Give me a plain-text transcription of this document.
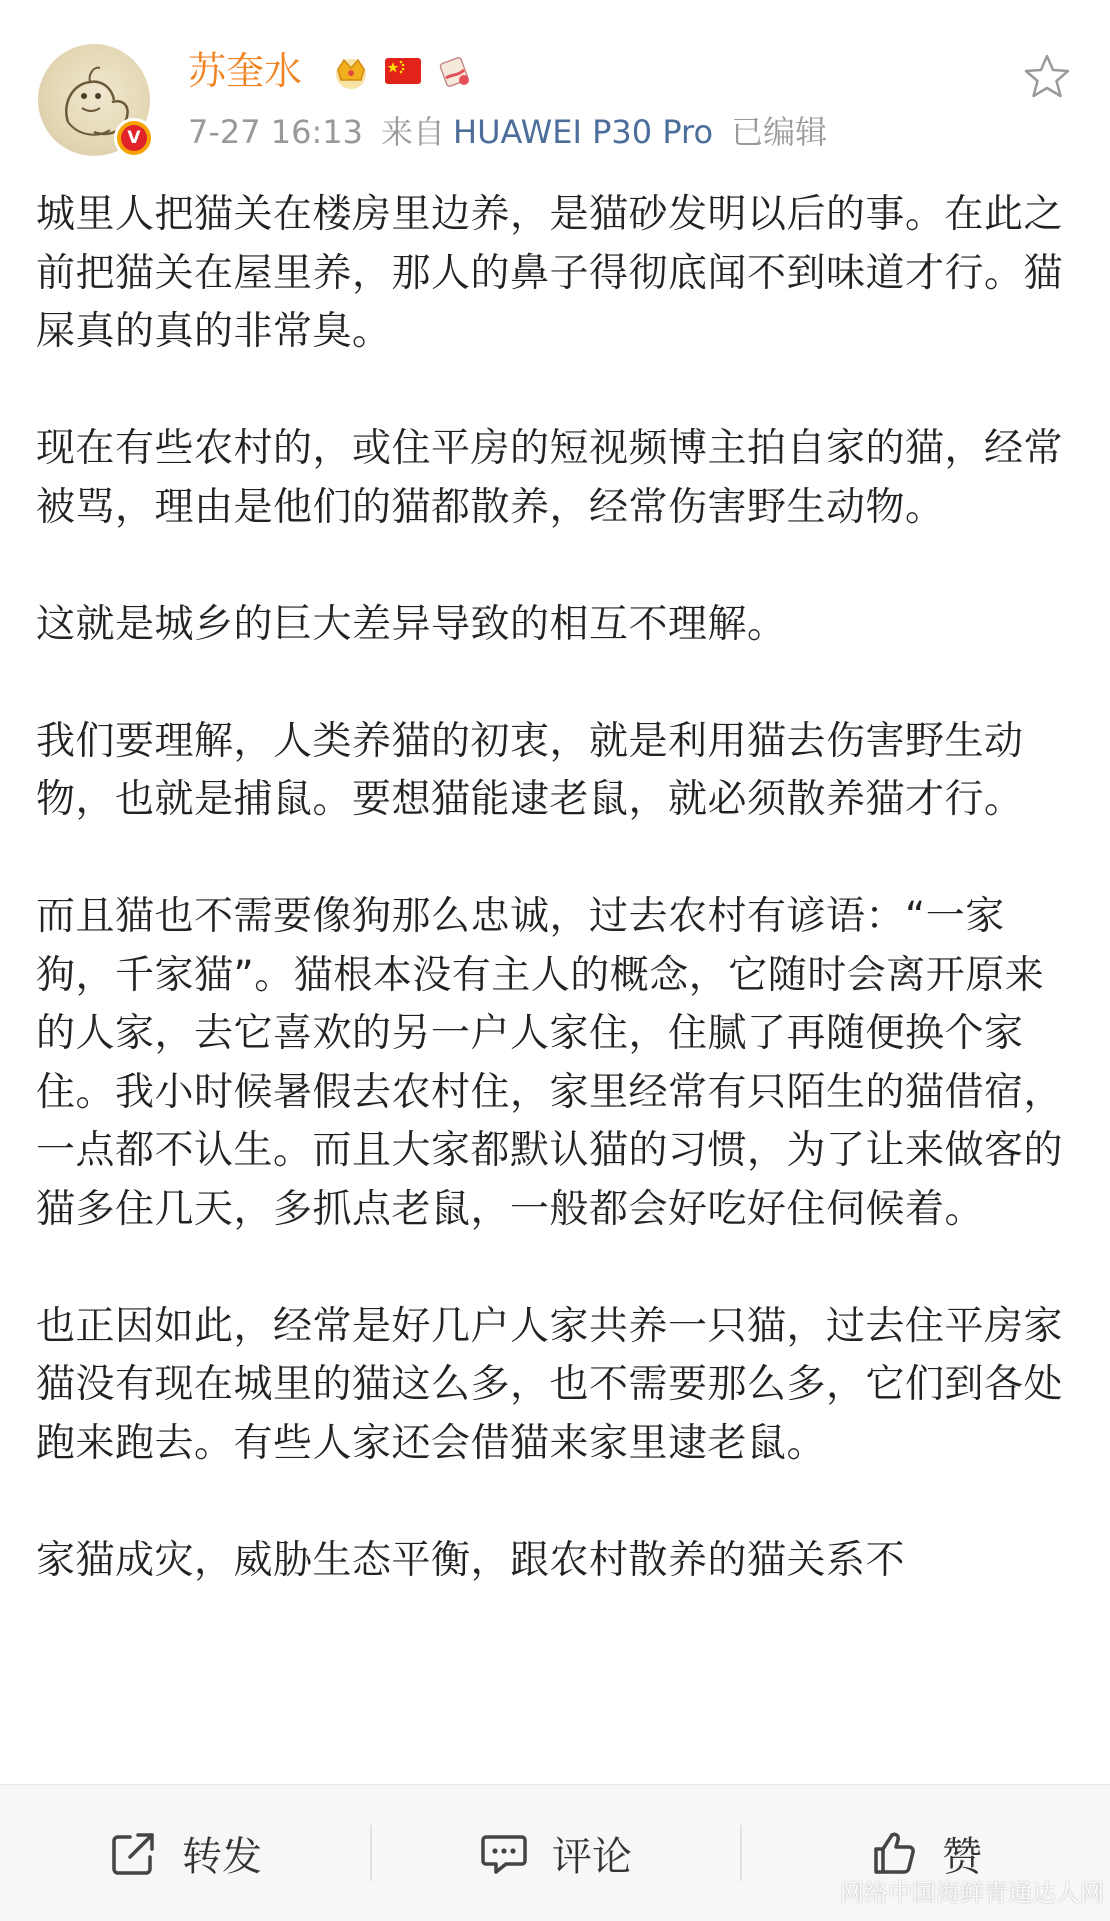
V
苏奎水
7-27 16:13 来自 HUAWEI P30 Pro 已编辑

城里人把猫关在楼房里边养，是猫砂发明以后的事。在此之前把猫关在屋里养，那人的鼻子得彻底闻不到味道才行。猫屎真的真的非常臭。

现在有些农村的，或住平房的短视频博主拍自家的猫，经常被骂，理由是他们的猫都散养，经常伤害野生动物。

这就是城乡的巨大差异导致的相互不理解。

我们要理解，人类养猫的初衷，就是利用猫去伤害野生动物，也就是捕鼠。要想猫能逮老鼠，就必须散养猫才行。

而且猫也不需要像狗那么忠诚，过去农村有谚语：“一家狗，千家猫”。猫根本没有主人的概念，它随时会离开原来的人家，去它喜欢的另一户人家住，住腻了再随便换个家住。我小时候暑假去农村住，家里经常有只陌生的猫借宿，一点都不认生。而且大家都默认猫的习惯，为了让来做客的猫多住几天，多抓点老鼠，一般都会好吃好住伺候着。

也正因如此，经常是好几户人家共养一只猫，过去住平房家猫没有现在城里的猫这么多，也不需要那么多，它们到各处跑来跑去。有些人家还会借猫来家里逮老鼠。

家猫成灾，威胁生态平衡，跟农村散养的猫关系不

转发	评论	赞
网络中国海鲜青通达人网
